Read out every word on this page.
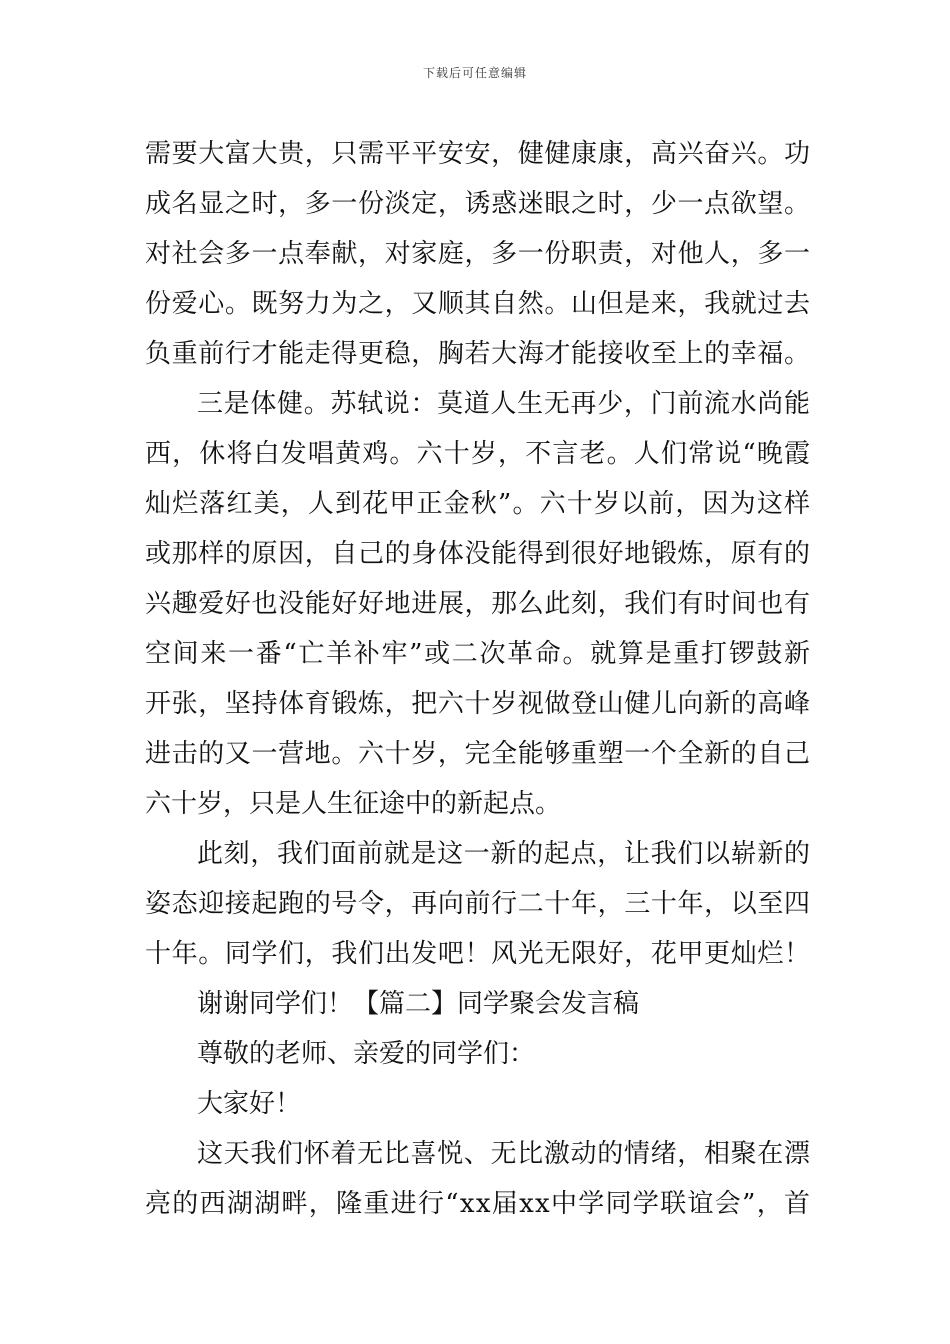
下载后可任意编辑
需要大富大贵，只需平平安安，健健康康，高兴奋兴。功
成名显之时，多一份淡定，诱惑迷眼之时，少一点欲望。
对社会多一点奉献，对家庭，多一份职责，对他人，多一
份爱心。既努力为之，又顺其自然。山但是来，我就过去
负重前行才能走得更稳，胸若大海才能接收至上的幸福。
三是体健。苏轼说：莫道人生无再少，门前流水尚能
西，休将白发唱黄鸡。六十岁，不言老。人们常说“晚霞
灿烂落红美，人到花甲正金秋”。六十岁以前，因为这样
或那样的原因，自己的身体没能得到很好地锻炼，原有的
兴趣爱好也没能好好地进展，那么此刻，我们有时间也有
空间来一番“亡羊补牢”或二次革命。就算是重打锣鼓新
开张，坚持体育锻炼，把六十岁视做登山健儿向新的高峰
进击的又一营地。六十岁，完全能够重塑一个全新的自己
六十岁，只是人生征途中的新起点。
此刻，我们面前就是这一新的起点，让我们以崭新的
姿态迎接起跑的号令，再向前行二十年，三十年，以至四
十年。同学们，我们出发吧！风光无限好，花甲更灿烂！
谢谢同学们！【篇二】同学聚会发言稿
尊敬的老师、亲爱的同学们：
大家好！
这天我们怀着无比喜悦、无比激动的情绪，相聚在漂
亮的西湖湖畔，隆重进行“xx届xx中学同学联谊会”，首
